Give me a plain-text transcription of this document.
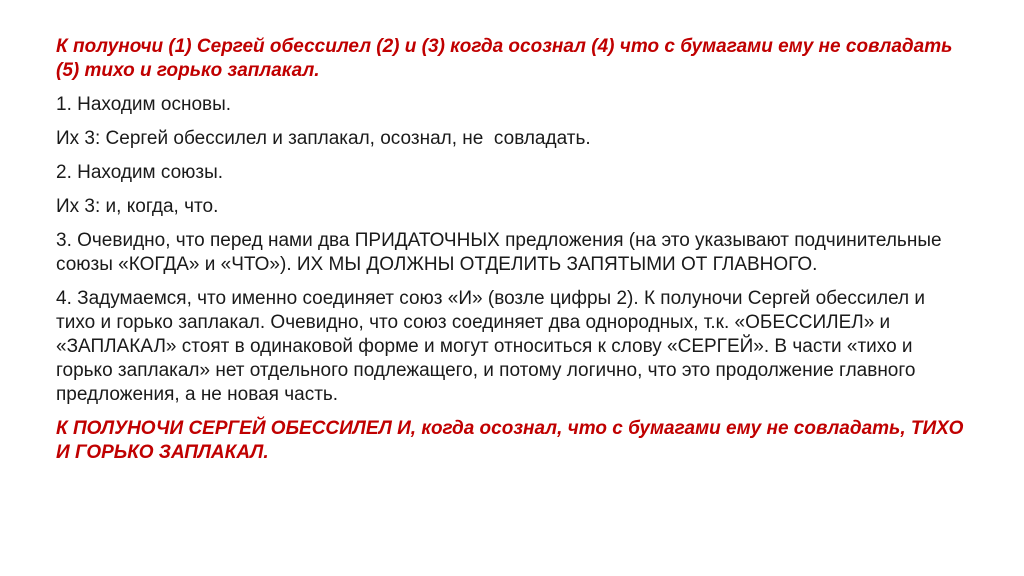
К полуночи (1) Сергей обессилел (2) и (3) когда осознал (4) что с бумагами ему не совладать (5) тихо и горько заплакал.

1. Находим основы.

Их 3: Сергей обессилел и заплакал, осознал, не  совладать.

2. Находим союзы.

Их 3: и, когда, что.

3. Очевидно, что перед нами два ПРИДАТОЧНЫХ предложения (на это указывают подчинительные союзы «КОГДА» и «ЧТО»). ИХ МЫ ДОЛЖНЫ ОТДЕЛИТЬ ЗАПЯТЫМИ ОТ ГЛАВНОГО.

4. Задумаемся, что именно соединяет союз «И» (возле цифры 2). К полуночи Сергей обессилел и тихо и горько заплакал. Очевидно, что союз соединяет два однородных, т.к. «ОБЕССИЛЕЛ» и «ЗАПЛАКАЛ» стоят в одинаковой форме и могут относиться к слову «СЕРГЕЙ». В части «тихо и горько заплакал» нет отдельного подлежащего, и потому логично, что это продолжение главного предложения, а не новая часть.

К ПОЛУНОЧИ СЕРГЕЙ ОБЕССИЛЕЛ И, когда осознал, что с бумагами ему не совладать, ТИХО И ГОРЬКО ЗАПЛАКАЛ.
